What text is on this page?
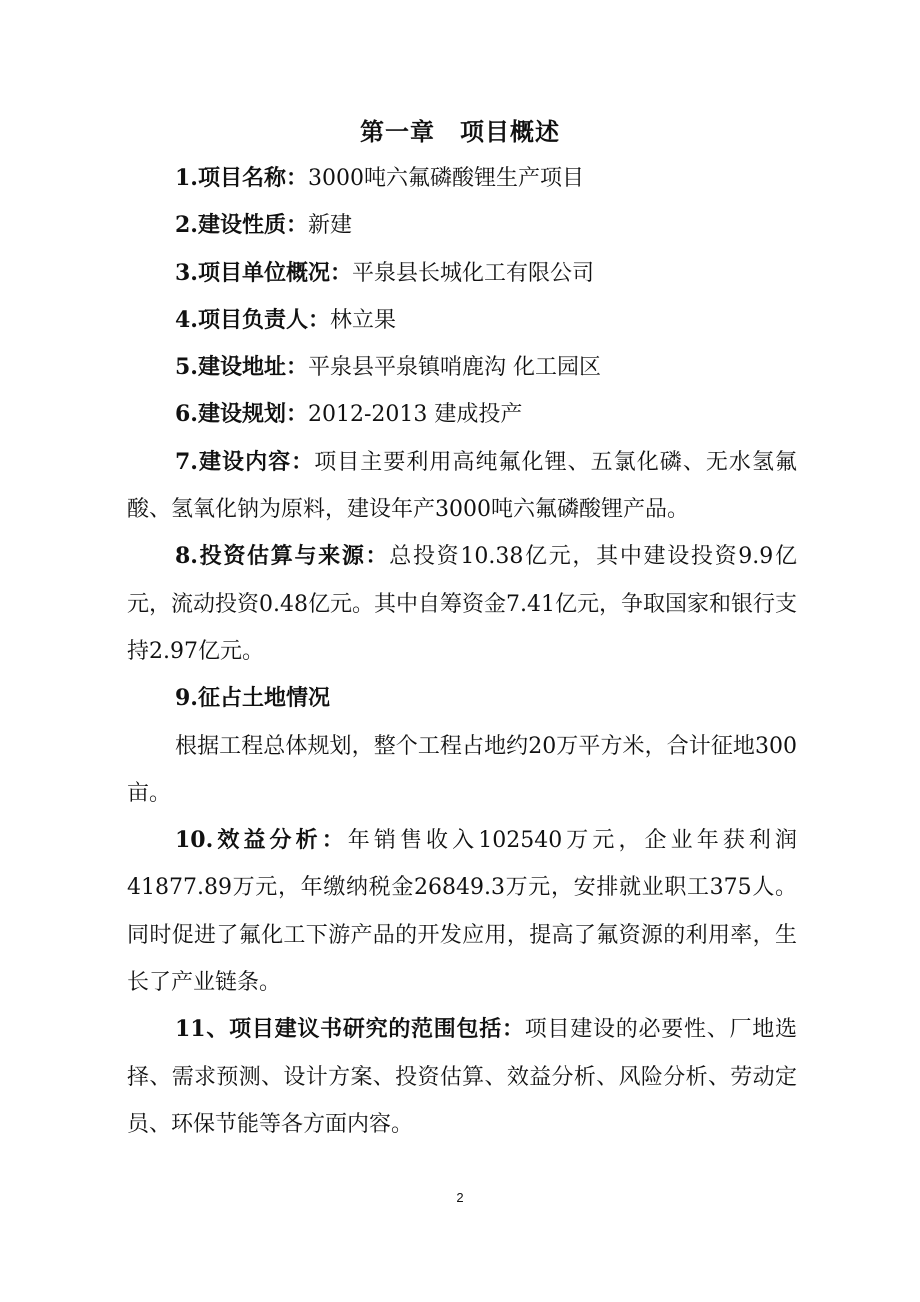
第一章　项目概述

1.项目名称：3000吨六氟磷酸锂生产项目

2.建设性质：新建

3.项目单位概况：平泉县长城化工有限公司

4.项目负责人：林立果

5.建设地址：平泉县平泉镇哨鹿沟 化工园区

6.建设规划：2012-2013 建成投产

7.建设内容：项目主要利用高纯氟化锂、五氯化磷、无水氢氟酸、氢氧化钠为原料，建设年产3000吨六氟磷酸锂产品。

8.投资估算与来源：总投资10.38亿元，其中建设投资9.9亿元，流动投资0.48亿元。其中自筹资金7.41亿元，争取国家和银行支持2.97亿元。

9.征占土地情况

根据工程总体规划，整个工程占地约20万平方米，合计征地300亩。

10.效益分析：年销售收入102540万元，企业年获利润41877.89万元，年缴纳税金26849.3万元，安排就业职工375人。同时促进了氟化工下游产品的开发应用，提高了氟资源的利用率，生长了产业链条。

11、项目建议书研究的范围包括：项目建设的必要性、厂地选择、需求预测、设计方案、投资估算、效益分析、风险分析、劳动定员、环保节能等各方面内容。

2
